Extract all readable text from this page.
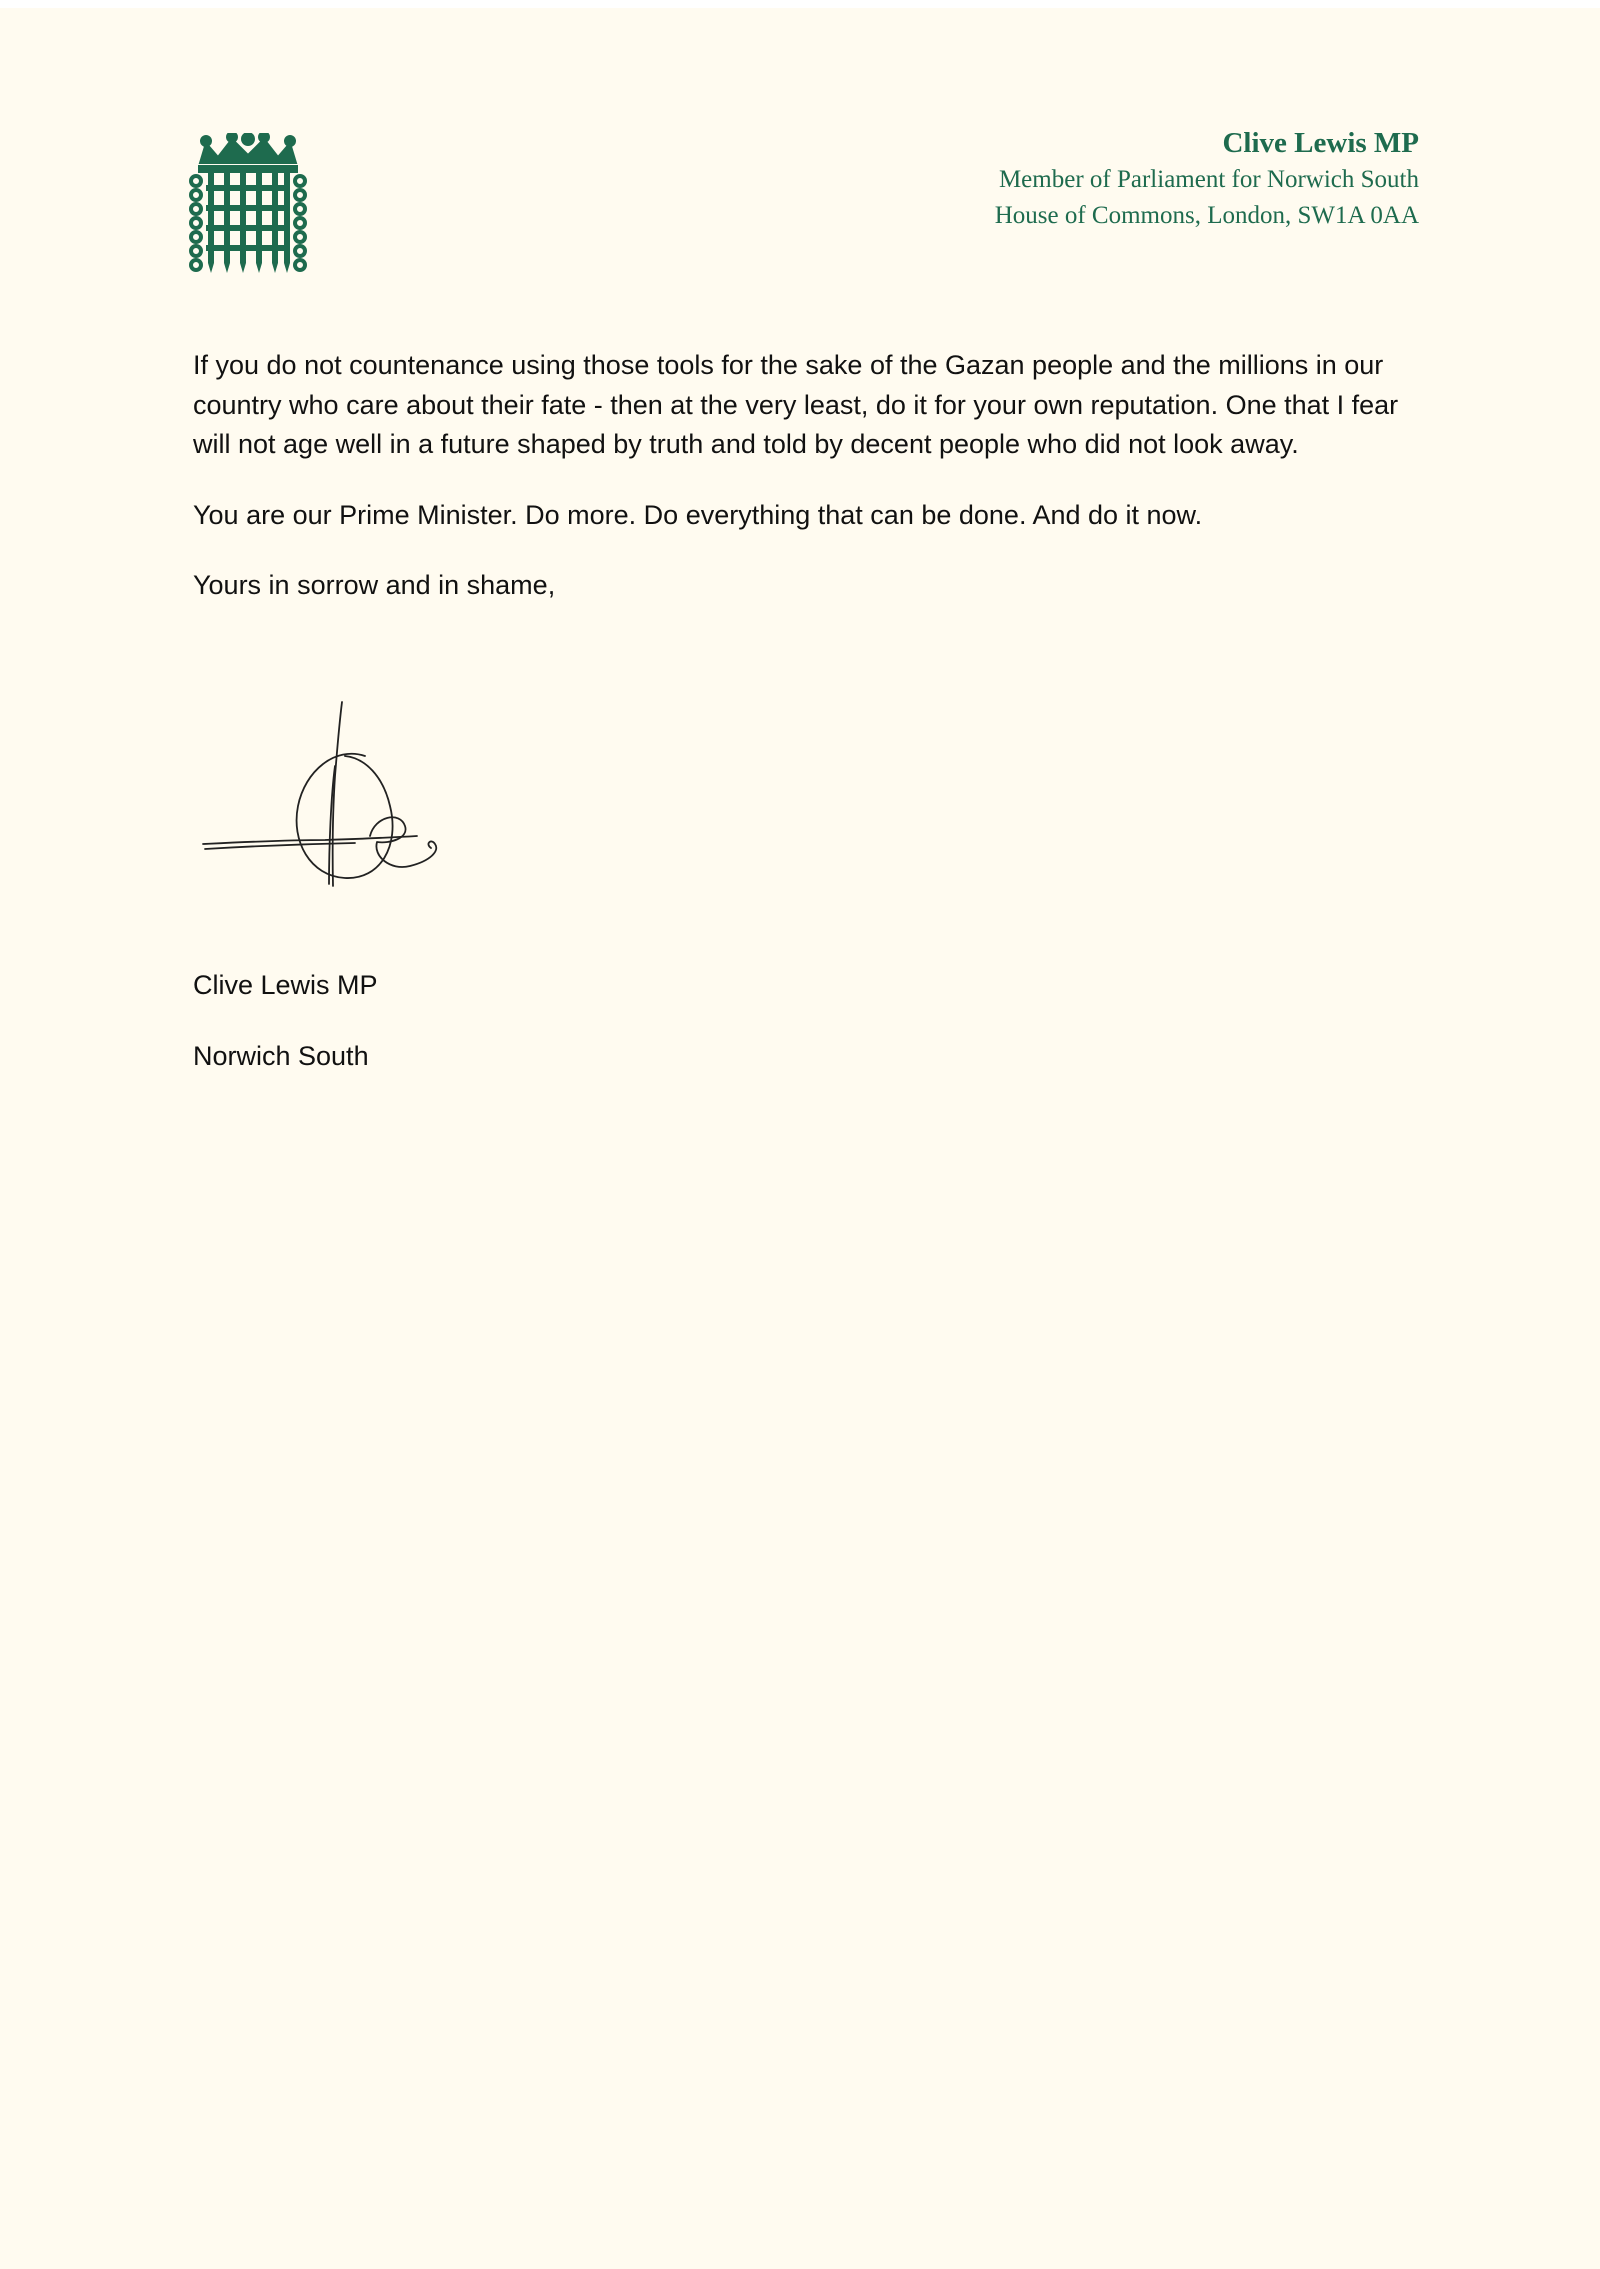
Clive Lewis MP
Member of Parliament for Norwich South
House of Commons, London, SW1A 0AA

If you do not countenance using those tools for the sake of the Gazan people and the millions in our country who care about their fate - then at the very least, do it for your own reputation. One that I fear will not age well in a future shaped by truth and told by decent people who did not look away.

You are our Prime Minister. Do more. Do everything that can be done. And do it now.

Yours in sorrow and in shame,

Clive Lewis MP
Norwich South
